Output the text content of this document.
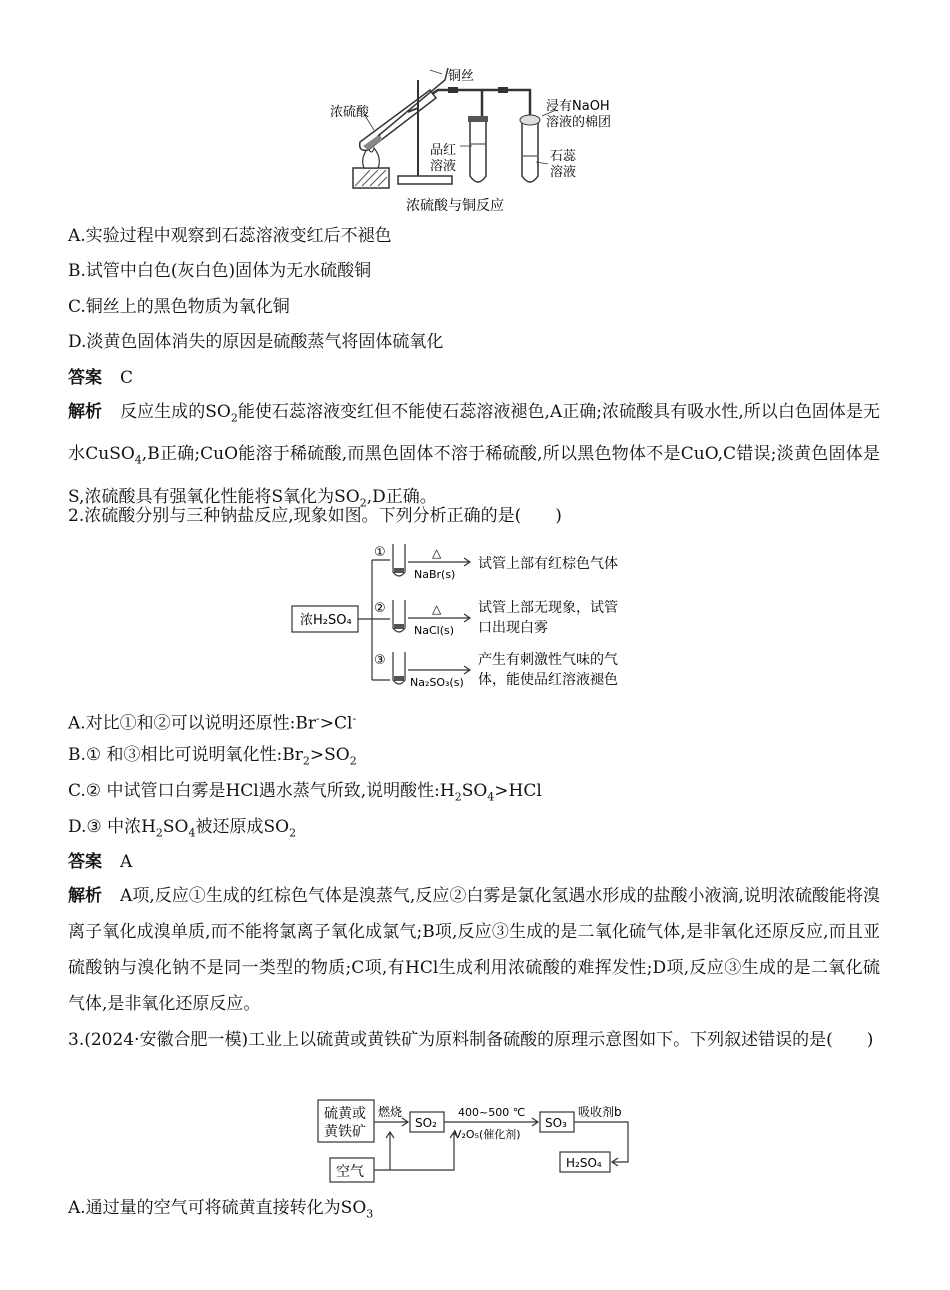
铜丝
浓硫酸
品红
溶液
浸有NaOH
溶液的棉团
石蕊
溶液
浓硫酸与铜反应
A.实验过程中观察到石蕊溶液变红后不褪色
B.试管中白色(灰白色)固体为无水硫酸铜
C.铜丝上的黑色物质为氧化铜
D.淡黄色固体消失的原因是硫酸蒸气将固体硫氧化
答案 C
解析 反应生成的$SO_2$能使石蕊溶液变红但不能使石蕊溶液褪色,A正确;浓硫酸具有吸水性,所以白色固体是无水CuSO$_4$,B正确;CuO能溶于稀硫酸,而黑色固体不溶于稀硫酸,所以黑色物体不是CuO,C错误;淡黄色固体是S,浓硫酸具有强氧化性能将S氧化为$SO_2,D$正确。
2.浓硫酸分别与三种钠盐反应,现象如图。下列分析正确的是(　　)
浓H₂SO₄
①
②
③
△
△
NaBr(s)
NaCl(s)
Na₂SO₃(s)
试管上部有红棕色气体
试管上部无现象，试管
口出现白雾
产生有刺激性气味的气
体，能使品红溶液褪色
A.对比①和②可以说明还原性:Br->Cl-
B.① 和③相比可说明氧化性$:Br_2>SO_2$
C.② 中试管口白雾是HCl遇水蒸气所致,说明酸性$:H_2SO_4>HCl$
D.③ 中浓$H_2SO_4$被还原成$SO_2$
答案 A
解析 A项,反应①生成的红棕色气体是溴蒸气,反应②白雾是氯化氢遇水形成的盐酸小液滴,说明浓硫酸能将溴离子氧化成溴单质,而不能将氯离子氧化成氯气;B项,反应③生成的是二氧化硫气体,是非氧化还原反应,而且亚硫酸钠与溴化钠不是同一类型的物质;C项,有HCl生成利用浓硫酸的难挥发性;D项,反应③生成的是二氧化硫气体,是非氧化还原反应。
3.(2024·安徽合肥一模)工业上以硫黄或黄铁矿为原料制备硫酸的原理示意图如下。下列叙述错误的是(　　)
硫黄或
黄铁矿
燃烧
SO₂
400~500 ℃
V₂O₅(催化剂)
SO₃
吸收剂b
H₂SO₄
空气
A.通过量的空气可将硫黄直接转化为$SO_3$
